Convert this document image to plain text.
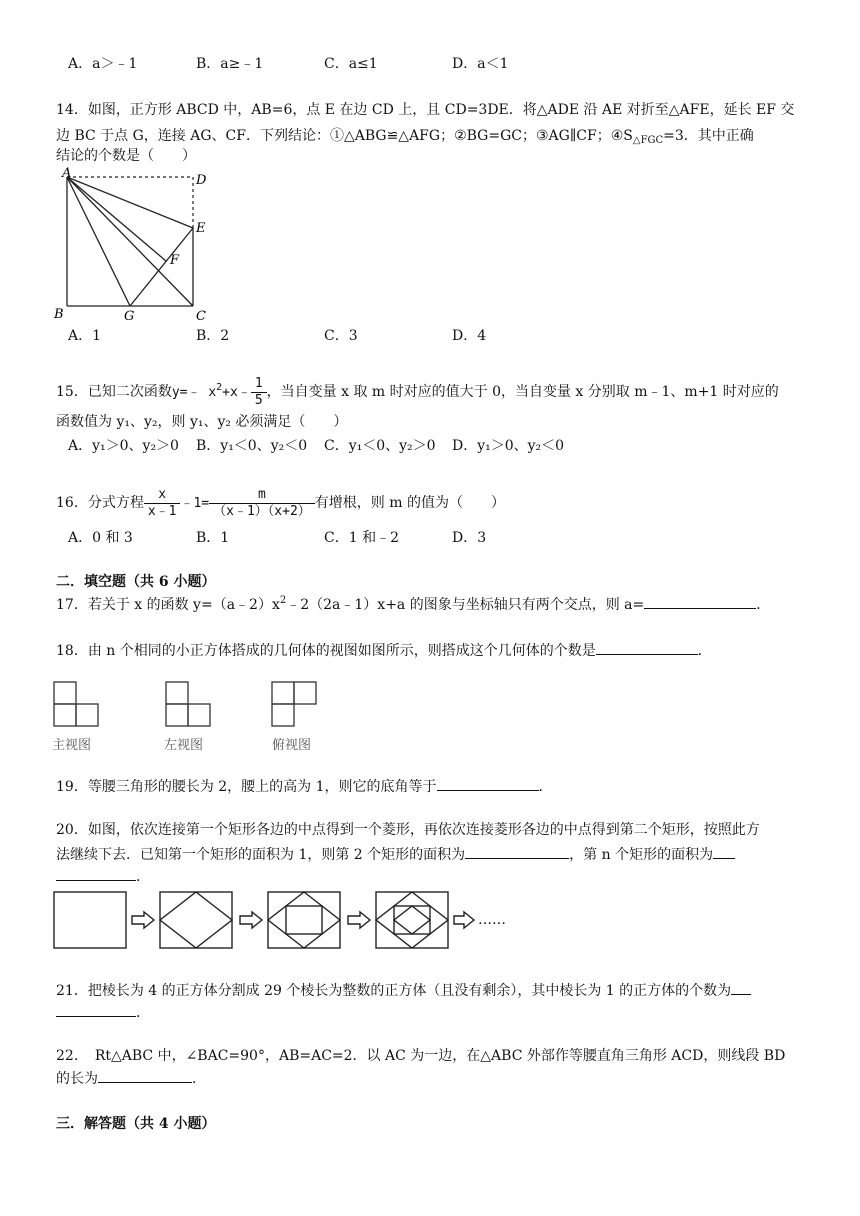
A．a＞﹣1	B．a≥﹣1	C．a≤1	D．a＜1
14．如图，正方形 ABCD 中，AB=6，点 E 在边 CD 上，且 CD=3DE．将△ADE 沿 AE 对折至△AFE，延长 EF 交
边 BC 于点 G，连接 AG、CF．下列结论：①△ABG≌△AFG；②BG=GC；③AG∥CF；$④S_{\triangle FGC}=3$．其中正确
结论的个数是（　　）
A	D
E
F
B	G	C
A．1	B．2	C．3	D．4
15．已知二次函数y=﹣ $x^2+x﹣ \frac{1}{5}$ ，当自变量 x 取 m 时对应的值大于 0，当自变量 x 分别取 m﹣1、m+1 时对应的
函数值为 y₁、y₂，则 y₁、y₂ 必须满足（　　）
A．y₁＞0、y₂＞0 B．y₁＜0、y₂＜0 C．y₁＜0、y₂＞0 D．y₁＞0、y₂＜0
16．分式方程 $\frac{x}{x﹣1}$ ﹣1= $\frac{m}{(x﹣1)(x+2)}$ 有增根，则 m 的值为（　　）
A．0 和 3	B．1	C．1 和﹣2	D．3
二．填空题（共 6 小题）
17．若关于 x 的函数 $y=(a﹣2)x^2﹣2(2a﹣1)x+a$ 的图象与坐标轴只有两个交点，则 a=	．
18．由 n 个相同的小正方体搭成的几何体的视图如图所示，则搭成这个几何体的个数是	．
主视图	左视图	俯视图
19．等腰三角形的腰长为 2，腰上的高为 1，则它的底角等于	．
20．如图，依次连接第一个矩形各边的中点得到一个菱形，再依次连接菱形各边的中点得到第二个矩形，按照此方
法继续下去．已知第一个矩形的面积为 1，则第 2 个矩形的面积为	，第 n 个矩形的面积为
．
……
21．把棱长为 4 的正方体分割成 29 个棱长为整数的正方体（且没有剩余），其中棱长为 1 的正方体的个数为
．
22．　Rt△ABC 中，∠BAC=90°，AB=AC=2．以 AC 为一边，在△ABC 外部作等腰直角三角形 ACD，则线段 BD
的长为	．
三．解答题（共 4 小题）
